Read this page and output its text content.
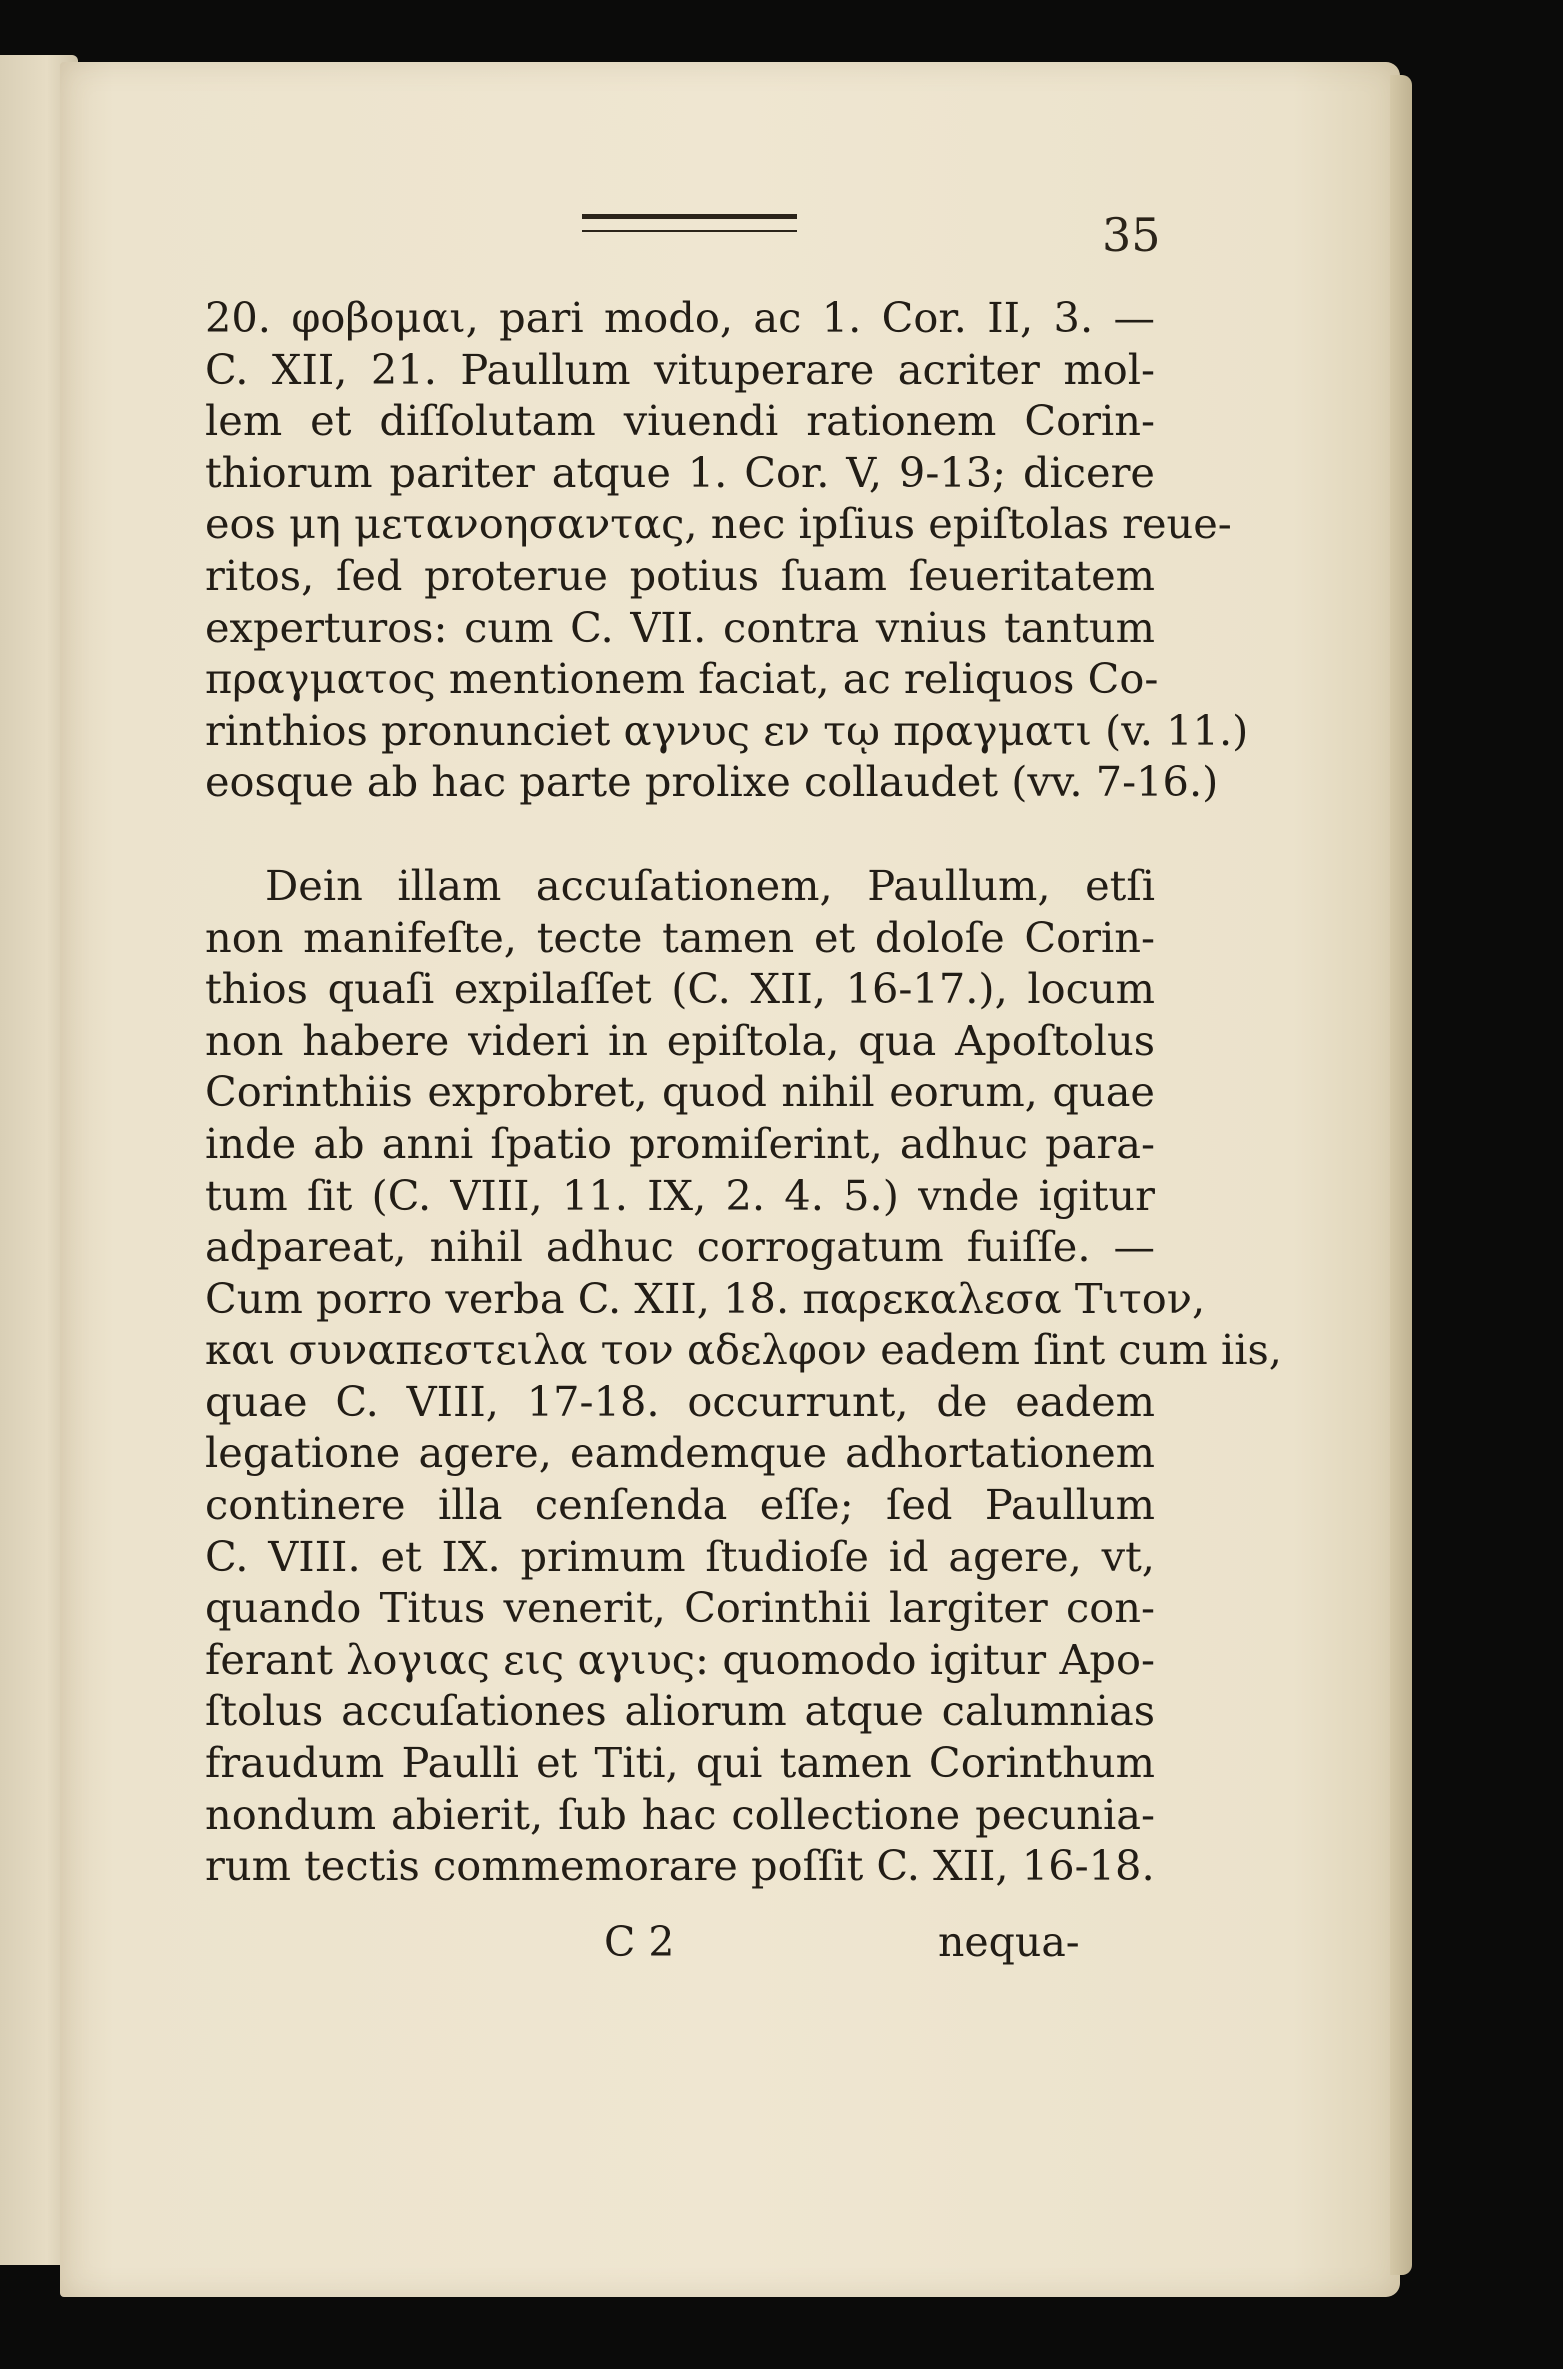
35
20. φοβομαι, pari modo, ac 1. Cor. II, 3. —
C. XII, 21. Paullum vituperare acriter mol-
lem et diſſolutam viuendi rationem Corin-
thiorum pariter atque 1. Cor. V, 9-13; dicere
eos μη μετανοησαντας, nec ipſius epiſtolas reue-
ritos, ſed proterue potius ſuam ſeueritatem
experturos: cum C. VII. contra vnius tantum
πραγματος mentionem faciat, ac reliquos Co-
rinthios pronunciet αγνυς εν τῳ πραγματι (v. 11.)
eosque ab hac parte prolixe collaudet (vv. 7-16.)
Dein illam accuſationem, Paullum, etſi
non manifeſte, tecte tamen et doloſe Corin-
thios quaſi expilaſſet (C. XII, 16-17.), locum
non habere videri in epiſtola, qua Apoſtolus
Corinthiis exprobret, quod nihil eorum, quae
inde ab anni ſpatio promiſerint, adhuc para-
tum ſit (C. VIII, 11. IX, 2. 4. 5.) vnde igitur
adpareat, nihil adhuc corrogatum fuiſſe. —
Cum porro verba C. XII, 18. παρεκαλεσα Τιτον,
και συναπεστειλα τον αδελφον eadem ſint cum iis,
quae C. VIII, 17-18. occurrunt, de eadem
legatione agere, eamdemque adhortationem
continere illa cenſenda eſſe; ſed Paullum
C. VIII. et IX. primum ſtudioſe id agere, vt,
quando Titus venerit, Corinthii largiter con-
ferant λογιας εις αγιυς: quomodo igitur Apo-
ſtolus accuſationes aliorum atque calumnias
fraudum Paulli et Titi, qui tamen Corinthum
nondum abierit, ſub hac collectione pecunia-
rum tectis commemorare poſſit C. XII, 16-18.
C 2	nequa-
